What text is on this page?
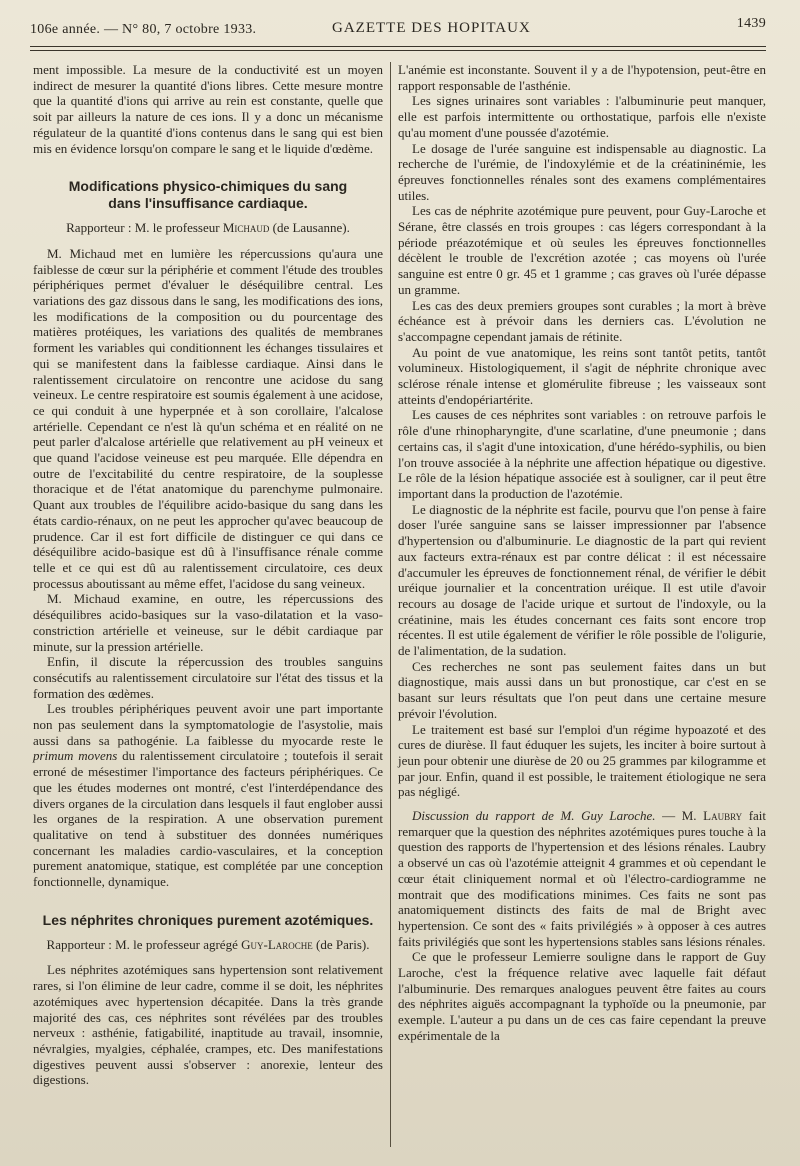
106e année. — N° 80, 7 octobre 1933.	GAZETTE DES HOPITAUX	1439

ment impossible. La mesure de la conductivité est un moyen indirect de mesurer la quantité d'ions libres. Cette mesure montre que la quantité d'ions qui arrive au rein est constante, quelle que soit par ailleurs la nature de ces ions. Il y a donc un mécanisme régulateur de la quantité d'ions contenus dans le sang qui est bien mis en évidence lorsqu'on compare le sang et le liquide d'œdème.

Modifications physico-chimiques du sang
dans l'insuffisance cardiaque.

Rapporteur : M. le professeur Michaud (de Lausanne).

M. Michaud met en lumière les répercussions qu'aura une faiblesse de cœur sur la périphérie et comment l'étude des troubles périphériques permet d'évaluer le déséquilibre central. Les variations des gaz dissous dans le sang, les modifications des ions, les modifications de la composition ou du pourcentage des matières protéiques, les variations des qualités de membranes forment les variables qui conditionnent les échanges tissulaires et qui se manifestent dans la faiblesse cardiaque. Ainsi dans le ralentissement circulatoire on rencontre une acidose du sang veineux. Le centre respiratoire est soumis également à une acidose, ce qui conduit à une hyperpnée et à son corollaire, l'alcalose artérielle. Cependant ce n'est là qu'un schéma et en réalité on ne peut parler d'alcalose artérielle que relativement au pH veineux et que quand l'acidose veineuse est peu marquée. Elle dépendra en outre de l'excitabilité du centre respiratoire, de la souplesse thoracique et de l'état anatomique du parenchyme pulmonaire. Quant aux troubles de l'équilibre acido-basique du sang dans les états cardio-rénaux, on ne peut les approcher qu'avec beaucoup de prudence. Car il est fort difficile de distinguer ce qui dans ce déséquilibre acido-basique est dû à l'insuffisance rénale comme telle et ce qui est dû au ralentissement circulatoire, ces deux processus aboutissant au même effet, l'acidose du sang veineux.

M. Michaud examine, en outre, les répercussions des déséquilibres acido-basiques sur la vaso-dilatation et la vaso-constriction artérielle et veineuse, sur le débit cardiaque par minute, sur la pression artérielle.

Enfin, il discute la répercussion des troubles sanguins consécutifs au ralentissement circulatoire sur l'état des tissus et la formation des œdèmes.

Les troubles périphériques peuvent avoir une part importante non pas seulement dans la symptomatologie de l'asystolie, mais aussi dans sa pathogénie. La faiblesse du myocarde reste le primum movens du ralentissement circulatoire ; toutefois il serait erroné de mésestimer l'importance des facteurs périphériques. Ce que les études modernes ont montré, c'est l'interdépendance des divers organes de la circulation dans lesquels il faut englober aussi les organes de la respiration. A une observation purement qualitative on tend à substituer des données numériques concernant les maladies cardio-vasculaires, et la conception purement anatomique, statique, est complétée par une conception fonctionnelle, dynamique.

Les néphrites chroniques purement azotémiques.

Rapporteur : M. le professeur agrégé Guy-Laroche (de Paris).

Les néphrites azotémiques sans hypertension sont relativement rares, si l'on élimine de leur cadre, comme il se doit, les néphrites azotémiques avec hypertension décapitée. Dans la très grande majorité des cas, ces néphrites sont révélées par des troubles nerveux : asthénie, fatigabilité, inaptitude au travail, insomnie, névralgies, myalgies, céphalée, crampes, etc. Des manifestations digestives peuvent aussi s'observer : anorexie, lenteur des digestions.

L'anémie est inconstante. Souvent il y a de l'hypotension, peut-être en rapport responsable de l'asthénie.

Les signes urinaires sont variables : l'albuminurie peut manquer, elle est parfois intermittente ou orthostatique, parfois elle n'existe qu'au moment d'une poussée d'azotémie.

Le dosage de l'urée sanguine est indispensable au diagnostic. La recherche de l'urémie, de l'indoxylémie et de la créatininémie, les épreuves fonctionnelles rénales sont des examens complémentaires utiles.

Les cas de néphrite azotémique pure peuvent, pour Guy-Laroche et Sérane, être classés en trois groupes : cas légers correspondant à la période préazotémique et où seules les épreuves fonctionnelles décèlent le trouble de l'excrétion azotée ; cas moyens où l'urée sanguine est entre 0 gr. 45 et 1 gramme ; cas graves où l'urée dépasse un gramme.

Les cas des deux premiers groupes sont curables ; la mort à brève échéance est à prévoir dans les derniers cas. L'évolution ne s'accompagne cependant jamais de rétinite.

Au point de vue anatomique, les reins sont tantôt petits, tantôt volumineux. Histologiquement, il s'agit de néphrite chronique avec sclérose rénale intense et glomérulite fibreuse ; les vaisseaux sont atteints d'endopériartérite.

Les causes de ces néphrites sont variables : on retrouve parfois le rôle d'une rhinopharyngite, d'une scarlatine, d'une pneumonie ; dans certains cas, il s'agit d'une intoxication, d'une hérédo-syphilis, ou bien l'on trouve associée à la néphrite une affection hépatique ou digestive. Le rôle de la lésion hépatique associée est à souligner, car il peut être important dans la production de l'azotémie.

Le diagnostic de la néphrite est facile, pourvu que l'on pense à faire doser l'urée sanguine sans se laisser impressionner par l'absence d'hypertension ou d'albuminurie. Le diagnostic de la part qui revient aux facteurs extra-rénaux est par contre délicat : il est nécessaire d'accumuler les épreuves de fonctionnement rénal, de vérifier le débit uréique journalier et la concentration uréique. Il est utile d'avoir recours au dosage de l'acide urique et surtout de l'indoxyle, ou la créatinine, mais les études concernant ces faits sont encore trop récentes. Il est utile également de vérifier le rôle possible de l'oligurie, de l'alimentation, de la sudation.

Ces recherches ne sont pas seulement faites dans un but diagnostique, mais aussi dans un but pronostique, car c'est en se basant sur leurs résultats que l'on peut dans une certaine mesure prévoir l'évolution.

Le traitement est basé sur l'emploi d'un régime hypoazoté et des cures de diurèse. Il faut éduquer les sujets, les inciter à boire surtout à jeun pour obtenir une diurèse de 20 ou 25 grammes par kilogramme et par jour. Enfin, quand il est possible, le traitement étiologique ne sera pas négligé.

Discussion du rapport de M. Guy Laroche. — M. Laubry fait remarquer que la question des néphrites azotémiques pures touche à la question des rapports de l'hypertension et des lésions rénales. Laubry a observé un cas où l'azotémie atteignit 4 grammes et où cependant le cœur était cliniquement normal et où l'électro-cardiogramme ne montrait que des modifications minimes. Ces faits ne sont pas anatomiquement distincts des faits de mal de Bright avec hypertension. Ce sont des « faits privilégiés » à opposer à ces autres faits privilégiés que sont les hypertensions stables sans lésions rénales.

Ce que le professeur Lemierre souligne dans le rapport de Guy Laroche, c'est la fréquence relative avec laquelle fait défaut l'albuminurie. Des remarques analogues peuvent être faites au cours des néphrites aiguës accompagnant la typhoïde ou la pneumonie, par exemple. L'auteur a pu dans un de ces cas faire cependant la preuve expérimentale de la
